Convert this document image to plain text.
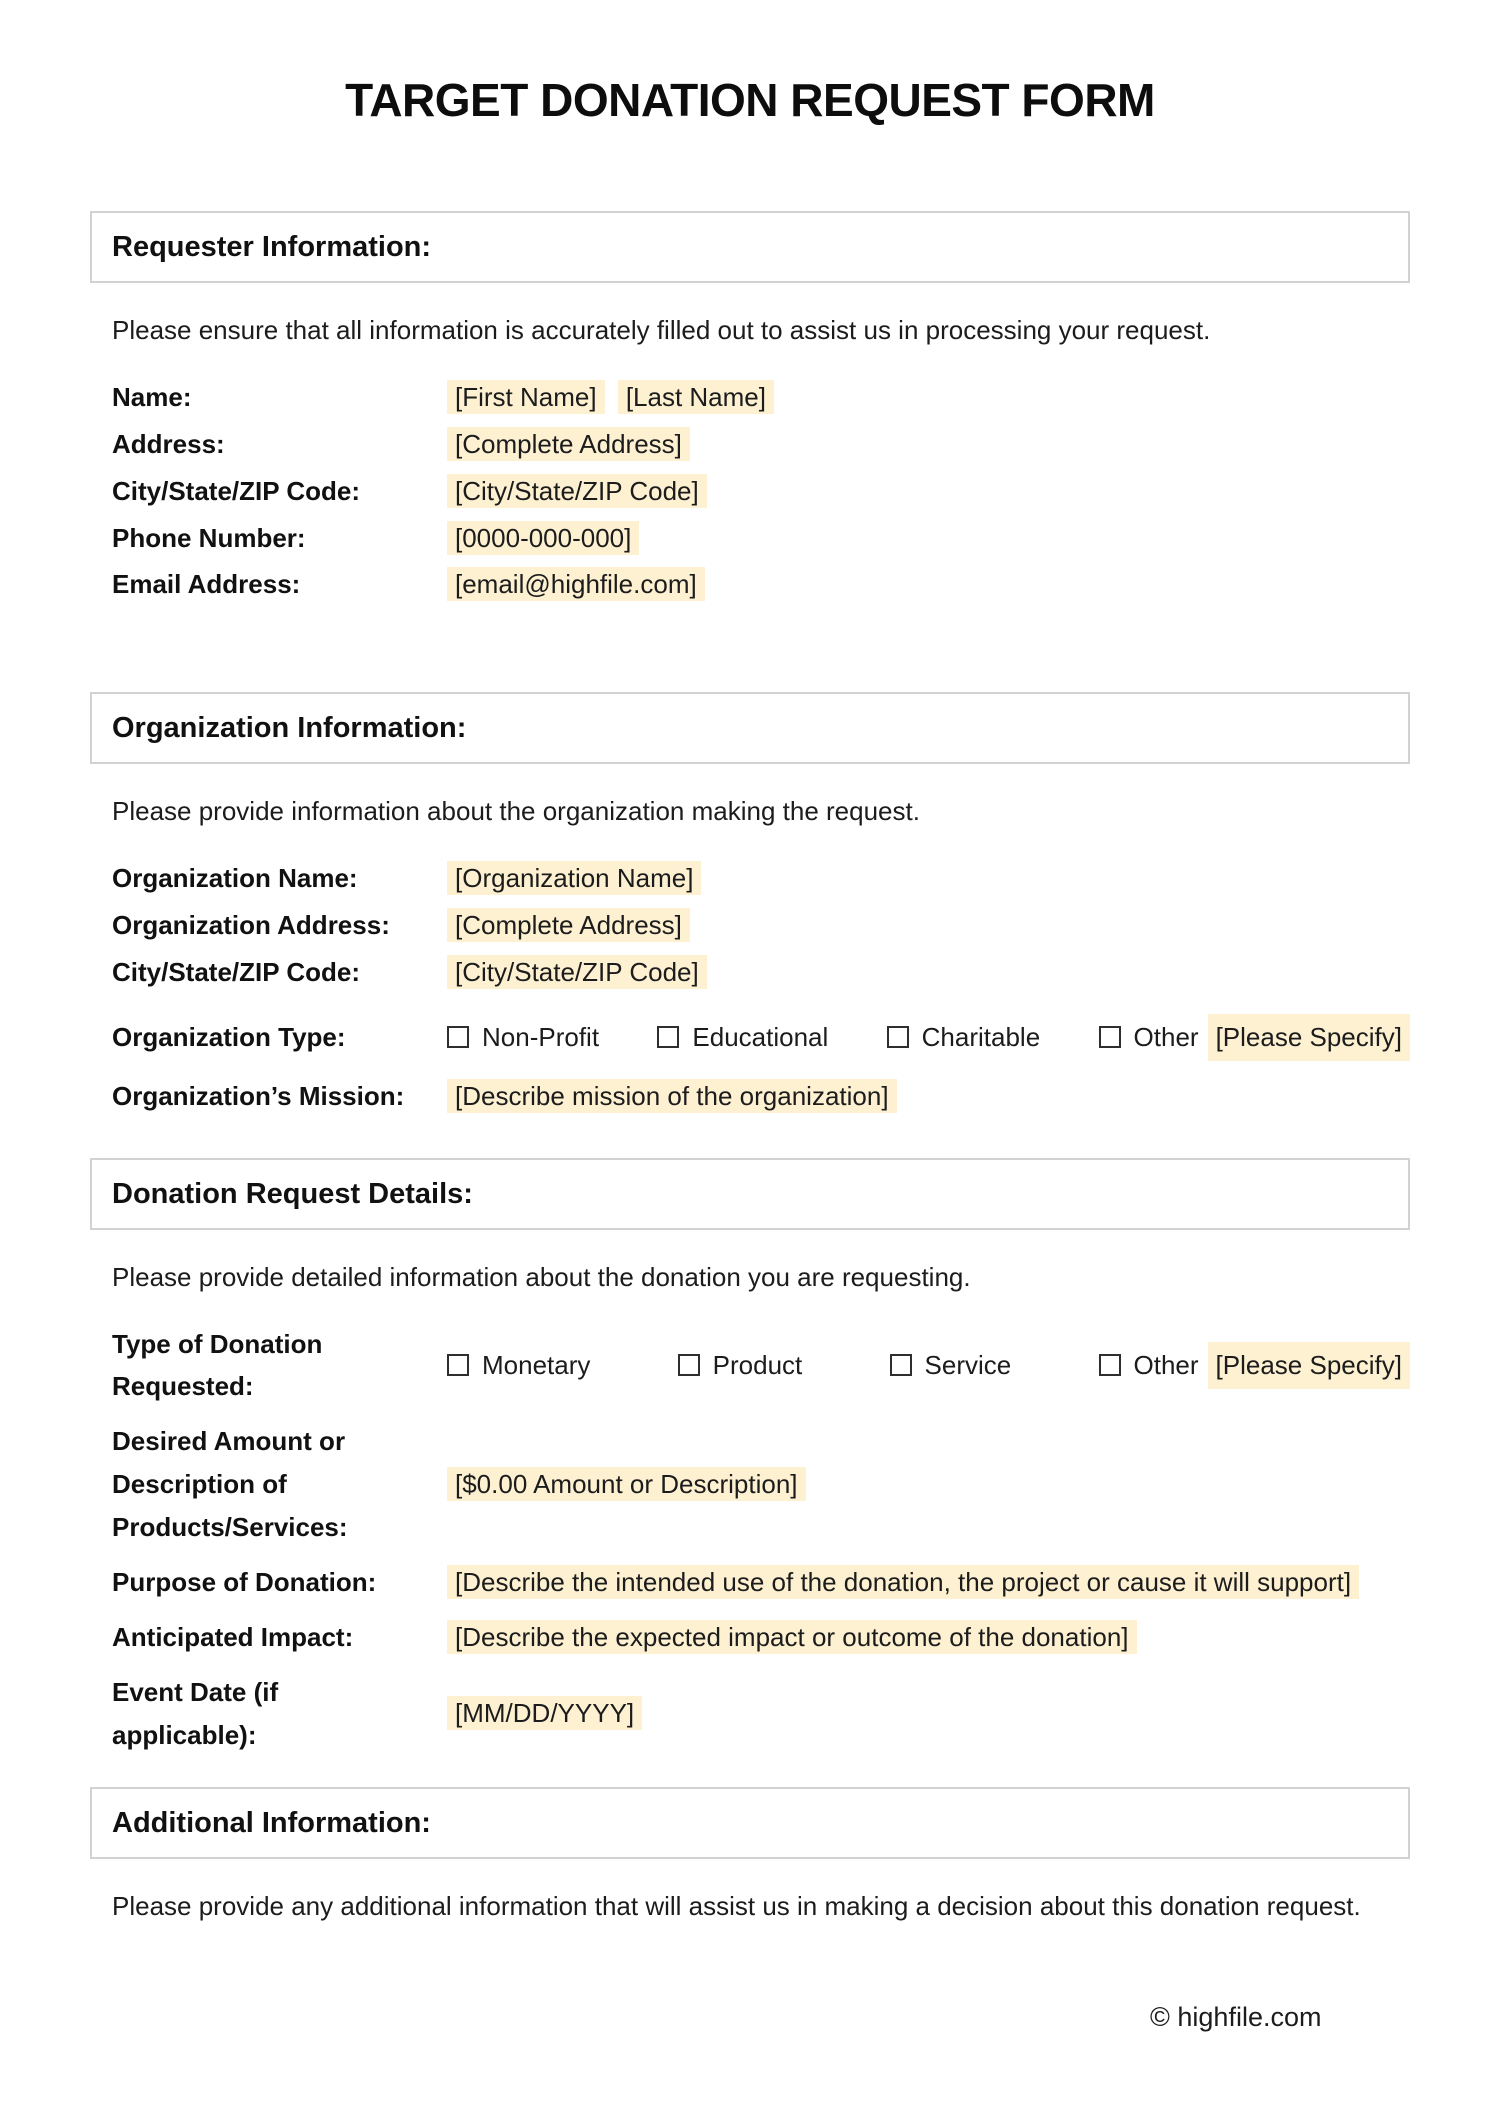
TARGET DONATION REQUEST FORM
Requester Information:

Please ensure that all information is accurately filled out to assist us in processing your request.

Name:	[First Name] [Last Name]
Address:	[Complete Address]
City/State/ZIP Code:	[City/State/ZIP Code]
Phone Number:	[0000-000-000]
Email Address:	[email@highfile.com]
Organization Information:

Please provide information about the organization making the request.

Organization Name:	[Organization Name]
Organization Address:	[Complete Address]
City/State/ZIP Code:	[City/State/ZIP Code]
Organization Type:	Non-Profit	Educational	Charitable	Other [Please Specify]
Organization’s Mission:	[Describe mission of the organization]
Donation Request Details:

Please provide detailed information about the donation you are requesting.

Type of Donation Requested:
Monetary	Product	Service	Other [Please Specify]
Desired Amount or Description of Products/Services:
[$0.00 Amount or Description]
Purpose of Donation:	[Describe the intended use of the donation, the project or cause it will support]
Anticipated Impact:	[Describe the expected impact or outcome of the donation]
Event Date (if applicable):
[MM/DD/YYYY]
Additional Information:

Please provide any additional information that will assist us in making a decision about this donation request.

© highfile.com
